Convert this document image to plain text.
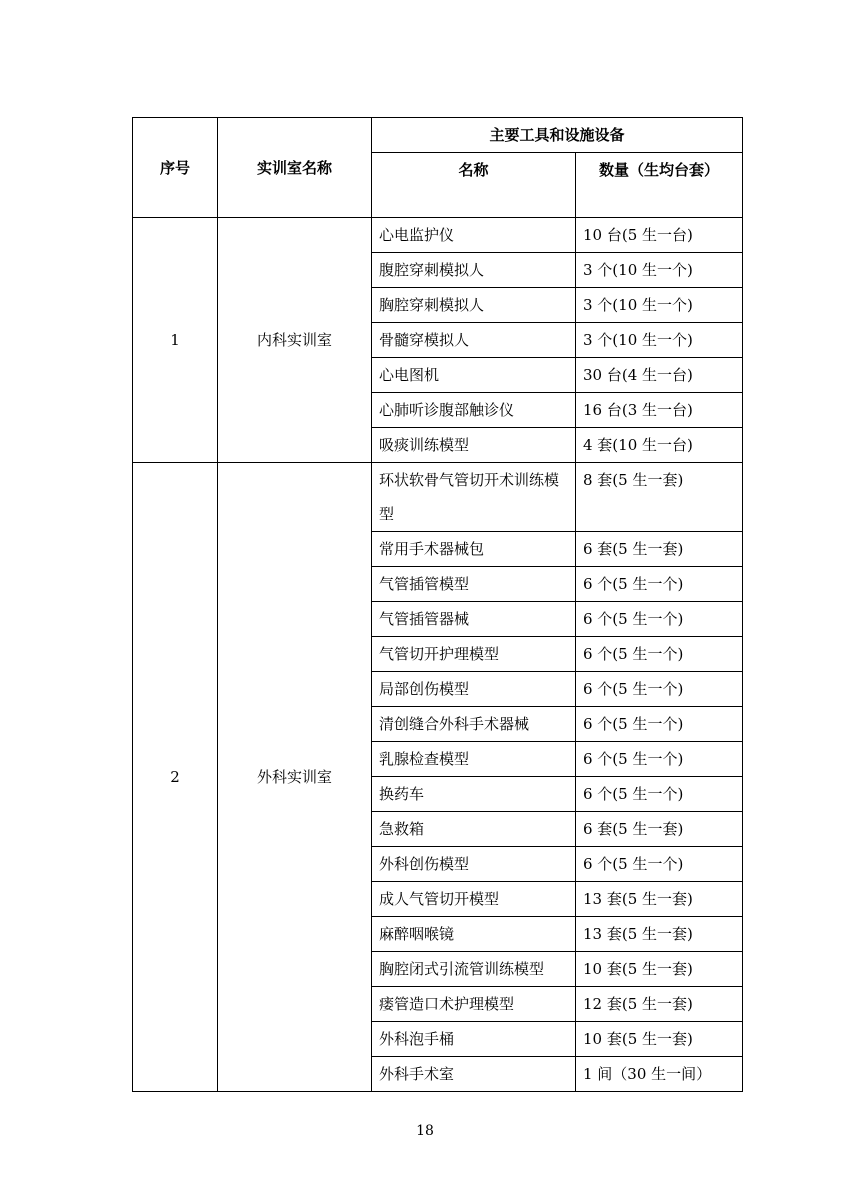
序号	实训室名称	主要工具和设施设备	
		名称	数量（生均台套）
1	内科实训室	心电监护仪	10 台(5 生一台)
		腹腔穿刺模拟人	3 个(10 生一个)
		胸腔穿刺模拟人	3 个(10 生一个)
		骨髓穿模拟人	3 个(10 生一个)
		心电图机	30 台(4 生一台)
		心肺听诊腹部触诊仪	16 台(3 生一台)
		吸痰训练模型	4 套(10 生一台)
2	外科实训室	环状软骨气管切开术训练模型	8 套(5 生一套)
		常用手术器械包	6 套(5 生一套)
		气管插管模型	6 个(5 生一个)
		气管插管器械	6 个(5 生一个)
		气管切开护理模型	6 个(5 生一个)
		局部创伤模型	6 个(5 生一个)
		清创缝合外科手术器械	6 个(5 生一个)
		乳腺检查模型	6 个(5 生一个)
		换药车	6 个(5 生一个)
		急救箱	6 套(5 生一套)
		外科创伤模型	6 个(5 生一个)
		成人气管切开模型	13 套(5 生一套)
		麻醉咽喉镜	13 套(5 生一套)
		胸腔闭式引流管训练模型	10 套(5 生一套)
		瘘管造口术护理模型	12 套(5 生一套)
		外科泡手桶	10 套(5 生一套)
		外科手术室	1 间（30 生一间）
18
